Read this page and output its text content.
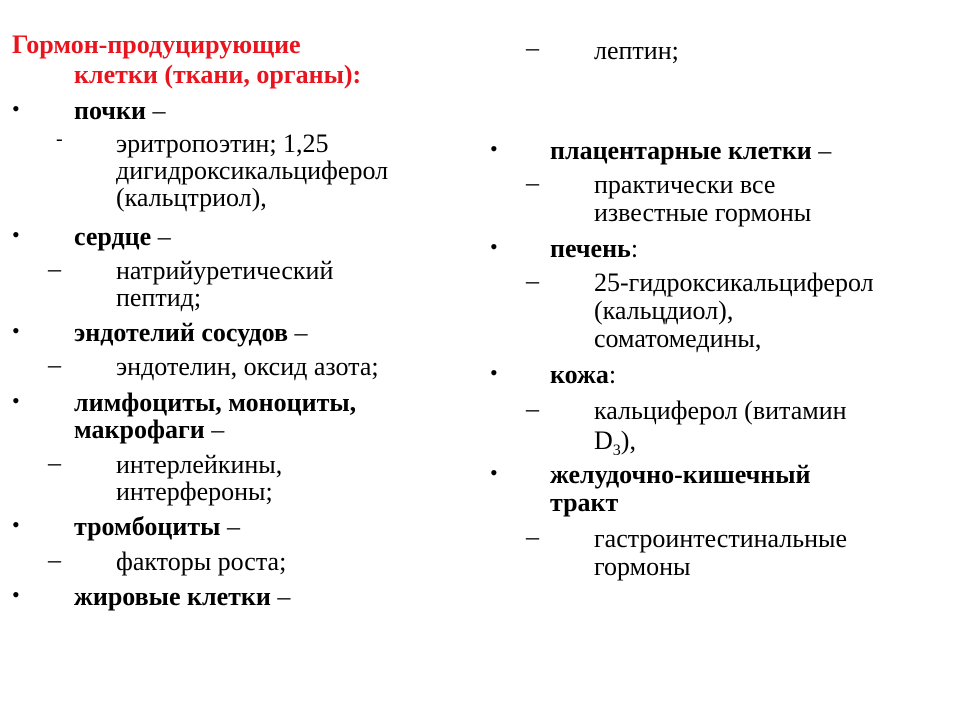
Гормон-продуцирующие
клетки (ткани, органы):
• почки –
- эритропоэтин; 1,25
дигидроксикальциферол
(кальцтриол),
• сердце –
– натрийуретический
пептид;
• эндотелий сосудов –
– эндотелин, оксид азота;
• лимфоциты, моноциты,
макрофаги –
– интерлейкины,
интерфероны;
• тромбоциты –
– факторы роста;
• жировые клетки –
– лептин;
• плацентарные клетки –
– практически все
известные гормоны
• печень:
– 25-гидроксикальциферол
(кальцдиол),
соматомедины,
• кожа:
– кальциферол (витамин
$D_3$),
• желудочно-кишечный
тракт
– гастроинтестинальные
гормоны
